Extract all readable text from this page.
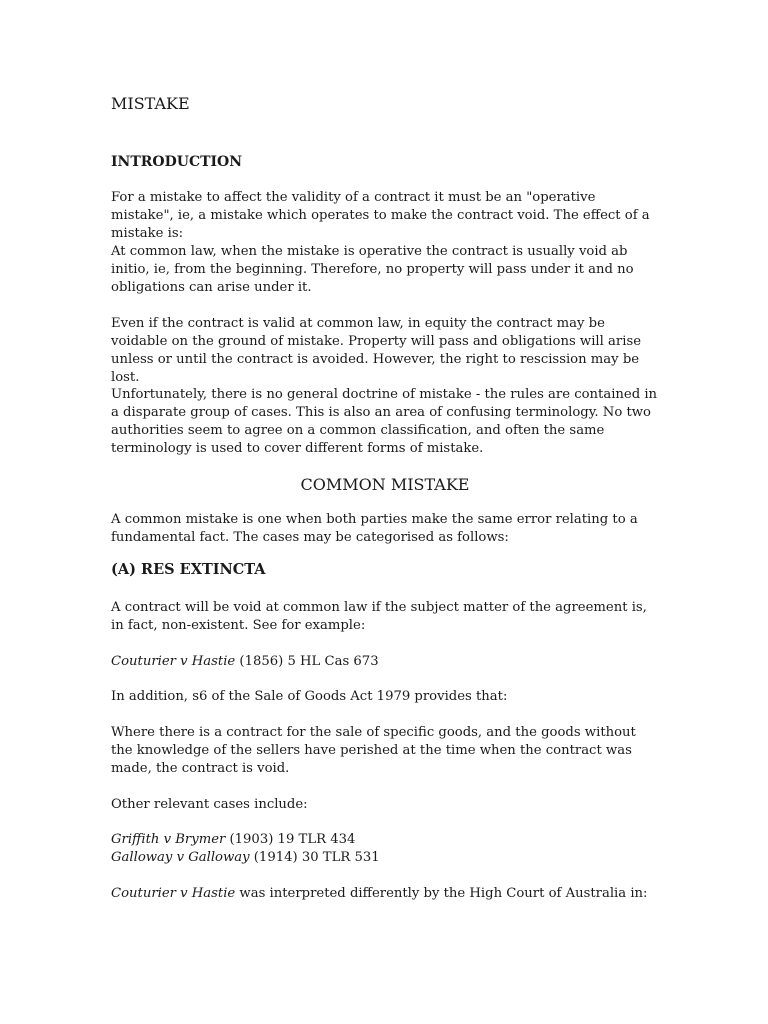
MISTAKE
INTRODUCTION

For a mistake to affect the validity of a contract it must be an "operative mistake", ie, a mistake which operates to make the contract void. The effect of a mistake is:

At common law, when the mistake is operative the contract is usually void ab initio, ie, from the beginning. Therefore, no property will pass under it and no obligations can arise under it.

Even if the contract is valid at common law, in equity the contract may be voidable on the ground of mistake. Property will pass and obligations will arise unless or until the contract is avoided. However, the right to rescission may be lost.

Unfortunately, there is no general doctrine of mistake - the rules are contained in a disparate group of cases. This is also an area of confusing terminology. No two authorities seem to agree on a common classification, and often the same terminology is used to cover different forms of mistake.

COMMON MISTAKE

A common mistake is one when both parties make the same error relating to a fundamental fact. The cases may be categorised as follows:

(A) RES EXTINCTA

A contract will be void at common law if the subject matter of the agreement is, in fact, non-existent. See for example:

Couturier v Hastie (1856) 5 HL Cas 673

In addition, s6 of the Sale of Goods Act 1979 provides that:

Where there is a contract for the sale of specific goods, and the goods without the knowledge of the sellers have perished at the time when the contract was made, the contract is void.

Other relevant cases include:

Griffith v Brymer (1903) 19 TLR 434
Galloway v Galloway (1914) 30 TLR 531

Couturier v Hastie was interpreted differently by the High Court of Australia in:
